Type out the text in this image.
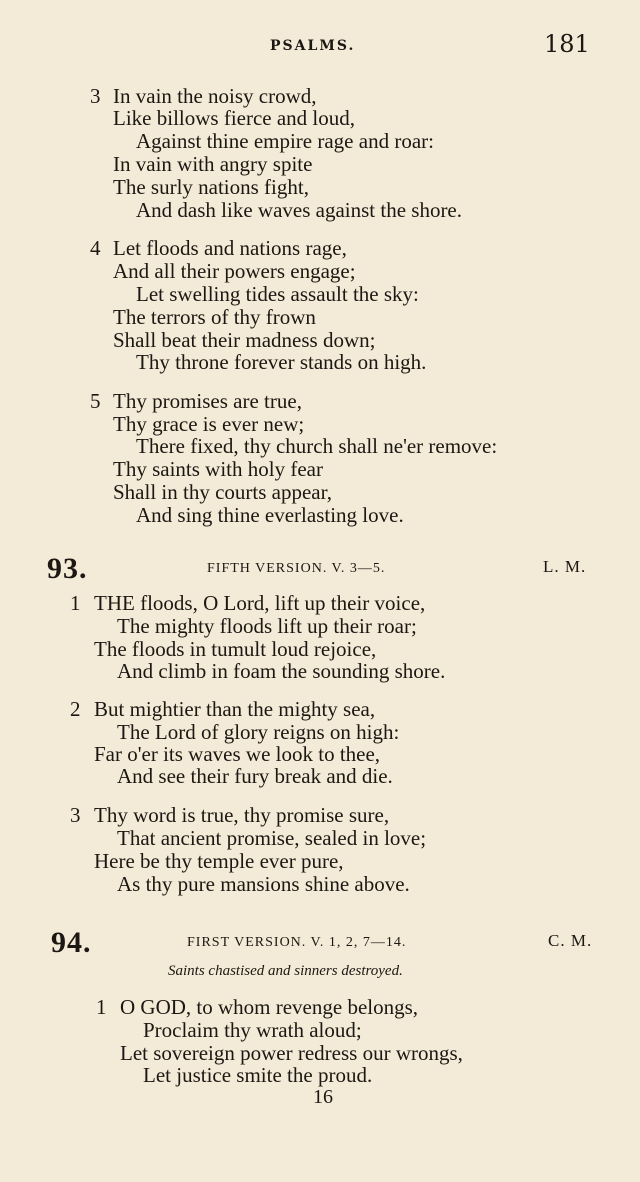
PSALMS.	181
3 In vain the noisy crowd,
Like billows fierce and loud,
Against thine empire rage and roar:
In vain with angry spite
The surly nations fight,
And dash like waves against the shore.
4 Let floods and nations rage,
And all their powers engage;
Let swelling tides assault the sky:
The terrors of thy frown
Shall beat their madness down;
Thy throne forever stands on high.
5 Thy promises are true,
Thy grace is ever new;
There fixed, thy church shall ne'er remove:
Thy saints with holy fear
Shall in thy courts appear,
And sing thine everlasting love.
93.	FIFTH VERSION. V. 3—5.	L. M.
1 THE floods, O Lord, lift up their voice,
The mighty floods lift up their roar;
The floods in tumult loud rejoice,
And climb in foam the sounding shore.
2 But mightier than the mighty sea,
The Lord of glory reigns on high:
Far o'er its waves we look to thee,
And see their fury break and die.
3 Thy word is true, thy promise sure,
That ancient promise, sealed in love;
Here be thy temple ever pure,
As thy pure mansions shine above.
94.	FIRST VERSION. V. 1, 2, 7—14.	C. M.
Saints chastised and sinners destroyed.
1 O GOD, to whom revenge belongs,
Proclaim thy wrath aloud;
Let sovereign power redress our wrongs,
Let justice smite the proud.
16
